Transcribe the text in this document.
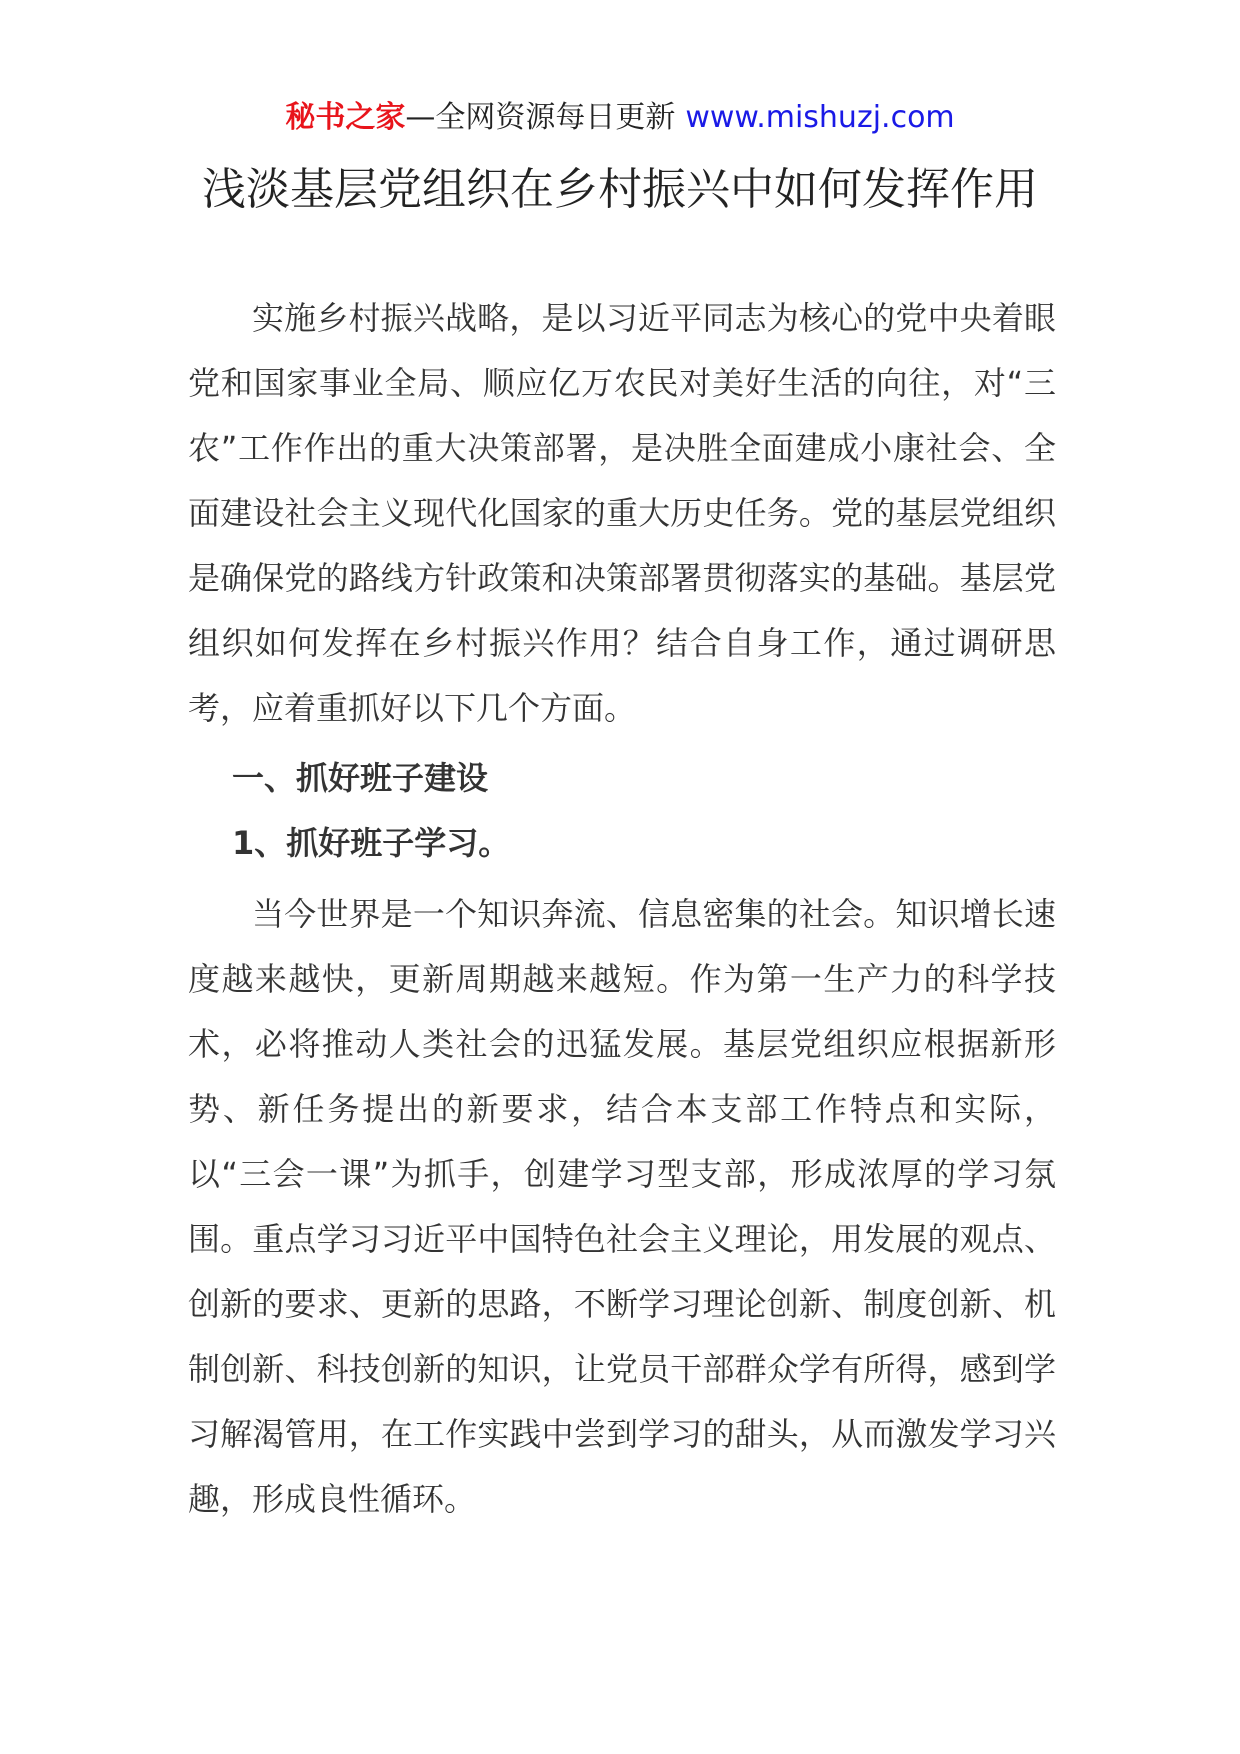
秘书之家—全网资源每日更新 www.mishuzj.com
浅淡基层党组织在乡村振兴中如何发挥作用

实施乡村振兴战略，是以习近平同志为核心的党中央着眼党和国家事业全局、顺应亿万农民对美好生活的向往，对“三农”工作作出的重大决策部署，是决胜全面建成小康社会、全面建设社会主义现代化国家的重大历史任务。党的基层党组织是确保党的路线方针政策和决策部署贯彻落实的基础。基层党组织如何发挥在乡村振兴作用？结合自身工作，通过调研思考，应着重抓好以下几个方面。

一、抓好班子建设
1、抓好班子学习。

当今世界是一个知识奔流、信息密集的社会。知识增长速度越来越快，更新周期越来越短。作为第一生产力的科学技术，必将推动人类社会的迅猛发展。基层党组织应根据新形势、新任务提出的新要求，结合本支部工作特点和实际，以“三会一课”为抓手，创建学习型支部，形成浓厚的学习氛围。重点学习习近平中国特色社会主义理论，用发展的观点、创新的要求、更新的思路，不断学习理论创新、制度创新、机制创新、科技创新的知识，让党员干部群众学有所得，感到学习解渴管用，在工作实践中尝到学习的甜头，从而激发学习兴趣，形成良性循环。
